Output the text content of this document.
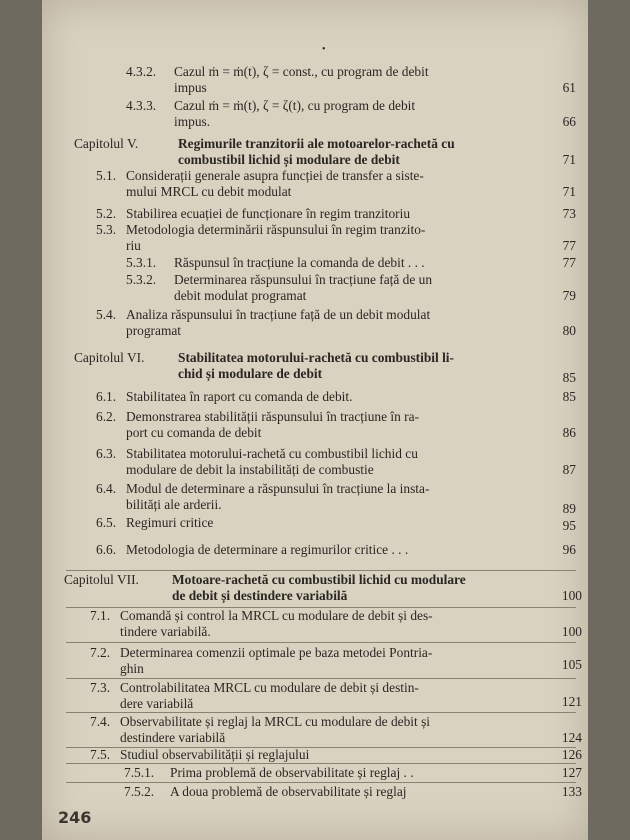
•
4.3.2. Cazul ṁ = ṁ(t), ζ = const., cu program de debit
impus	61
4.3.3. Cazul ṁ = ṁ(t), ζ = ζ(t), cu program de debit
impus.	66
Capitolul V.	Regimurile tranzitorii ale motoarelor-rachetă cu
combustibil lichid și modulare de debit	71
5.1. Considerații generale asupra funcției de transfer a siste-
mului MRCL cu debit modulat	71
5.2. Stabilirea ecuației de funcționare în regim tranzitoriu	73
5.3. Metodologia determinării răspunsului în regim tranzito-
riu	77
5.3.1. Răspunsul în tracțiune la comanda de debit . . .	77
5.3.2. Determinarea răspunsului în tracțiune față de un
debit modulat programat	79
5.4. Analiza răspunsului în tracțiune față de un debit modulat
programat	80
Capitolul VI.	Stabilitatea motorului-rachetă cu combustibil li-
chid și modulare de debit	85
6.1. Stabilitatea în raport cu comanda de debit.	85
6.2. Demonstrarea stabilității răspunsului în tracțiune în ra-
port cu comanda de debit	86
6.3. Stabilitatea motorului-rachetă cu combustibil lichid cu
modulare de debit la instabilități de combustie	87
6.4. Modul de determinare a răspunsului în tracțiune la insta-
bilități ale arderii.	89
6.5. Regimuri critice	95
6.6. Metodologia de determinare a regimurilor critice . . .	96
Capitolul VII. Motoare-rachetă cu combustibil lichid cu modulare
de debit și destindere variabilă	100
7.1. Comandă și control la MRCL cu modulare de debit și des-
tindere variabilă.	100
7.2. Determinarea comenzii optimale pe baza metodei Pontria-
ghin	105
7.3. Controlabilitatea MRCL cu modulare de debit și destin-
dere variabilă	121
7.4. Observabilitate și reglaj la MRCL cu modulare de debit și
destindere variabilă	124
7.5. Studiul observabilității și reglajului	126
7.5.1. Prima problemă de observabilitate și reglaj . .	127
7.5.2. A doua problemă de observabilitate și reglaj	133
246
